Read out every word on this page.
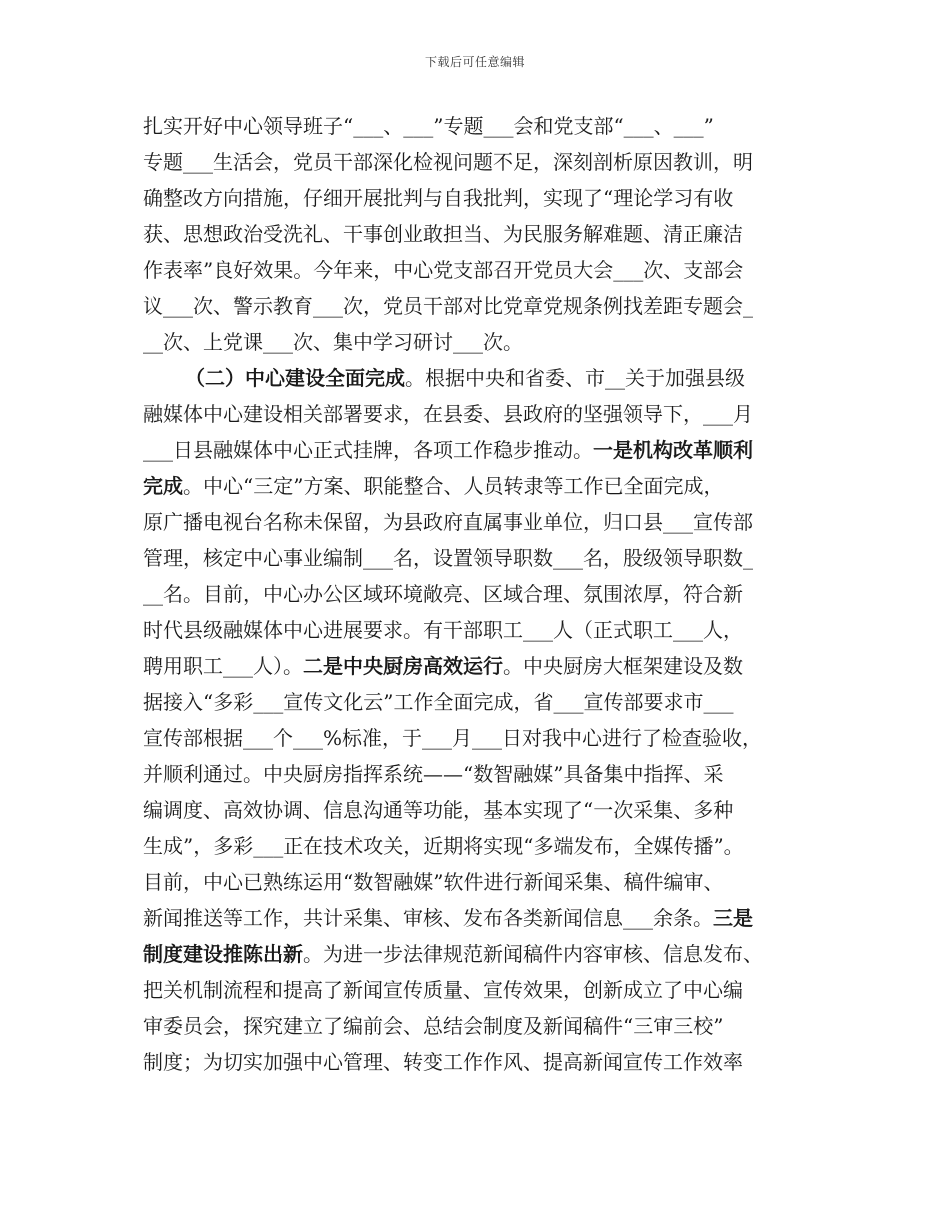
下载后可任意编辑
扎实开好中心领导班子“___、___”专题___会和党支部“___、___”
专题___生活会，党员干部深化检视问题不足，深刻剖析原因教训，明
确整改方向措施，仔细开展批判与自我批判，实现了“理论学习有收
获、思想政治受洗礼、干事创业敢担当、为民服务解难题、清正廉洁
作表率”良好效果。今年来，中心党支部召开党员大会___次、支部会
议___次、警示教育___次，党员干部对比党章党规条例找差距专题会_
__次、上党课___次、集中学习研讨___次。
（二）中心建设全面完成。根据中央和省委、市__关于加强县级
融媒体中心建设相关部署要求，在县委、县政府的坚强领导下，___月
___日县融媒体中心正式挂牌，各项工作稳步推动。一是机构改革顺利
完成。中心“三定”方案、职能整合、人员转隶等工作已全面完成，
原广播电视台名称未保留，为县政府直属事业单位，归口县___宣传部
管理，核定中心事业编制___名，设置领导职数___名，股级领导职数_
__名。目前，中心办公区域环境敞亮、区域合理、氛围浓厚，符合新
时代县级融媒体中心进展要求。有干部职工___人（正式职工___人，
聘用职工___人）。二是中央厨房高效运行。中央厨房大框架建设及数
据接入“多彩___宣传文化云”工作全面完成，省___宣传部要求市___
宣传部根据___个___%标准，于___月___日对我中心进行了检查验收，
并顺利通过。中央厨房指挥系统——“数智融媒”具备集中指挥、采
编调度、高效协调、信息沟通等功能，基本实现了“一次采集、多种
生成”，多彩___正在技术攻关，近期将实现“多端发布，全媒传播”。
目前，中心已熟练运用“数智融媒”软件进行新闻采集、稿件编审、
新闻推送等工作，共计采集、审核、发布各类新闻信息___余条。三是
制度建设推陈出新。为进一步法律规范新闻稿件内容审核、信息发布、
把关机制流程和提高了新闻宣传质量、宣传效果，创新成立了中心编
审委员会，探究建立了编前会、总结会制度及新闻稿件“三审三校”
制度；为切实加强中心管理、转变工作作风、提高新闻宣传工作效率
